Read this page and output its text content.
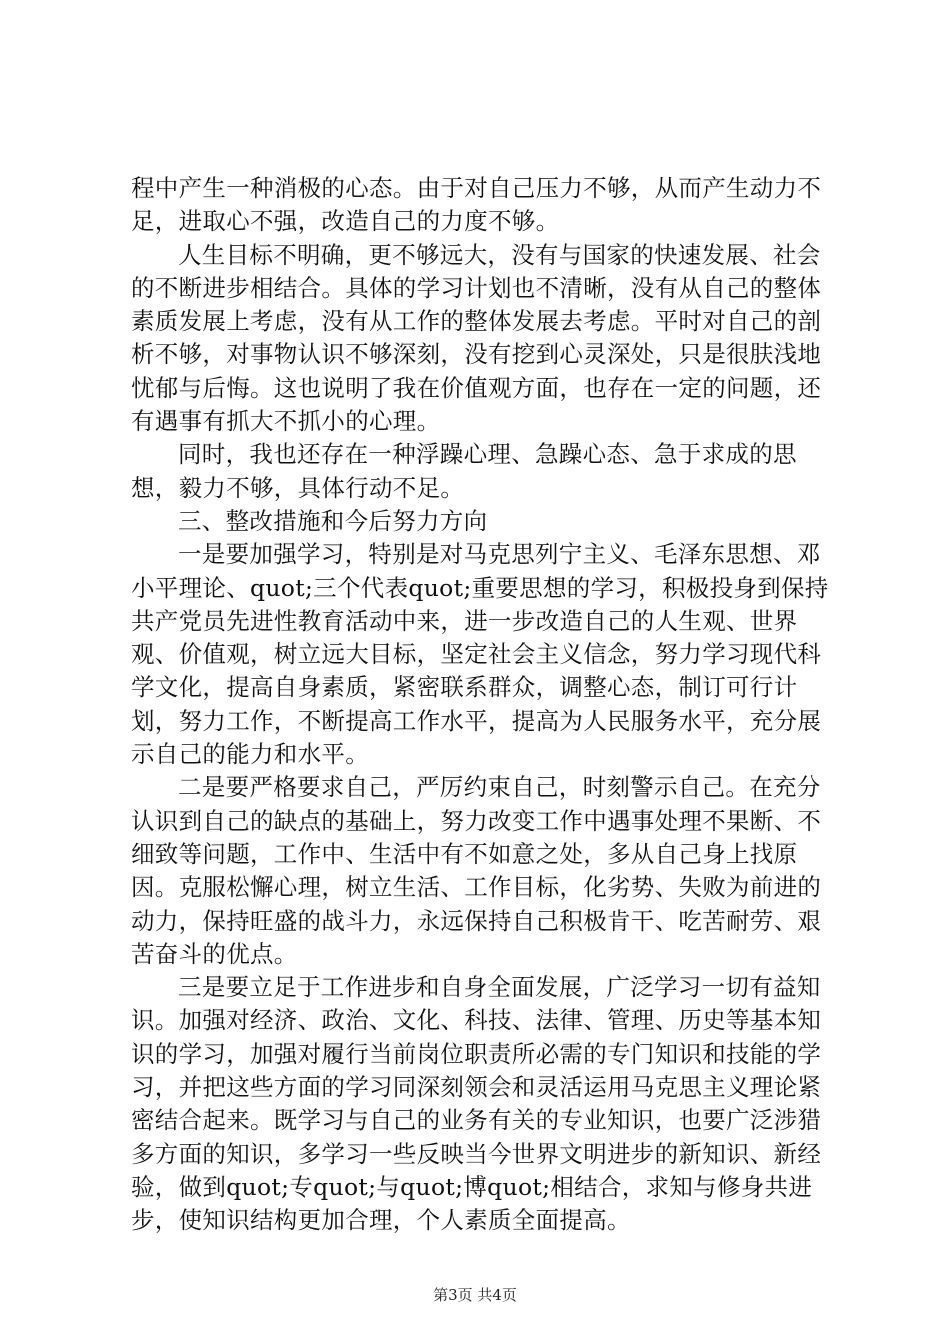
程中产生一种消极的心态。由于对自己压力不够，从而产生动力不足，进取心不强，改造自己的力度不够。

人生目标不明确，更不够远大，没有与国家的快速发展、社会的不断进步相结合。具体的学习计划也不清晰，没有从自己的整体素质发展上考虑，没有从工作的整体发展去考虑。平时对自己的剖析不够，对事物认识不够深刻，没有挖到心灵深处，只是很肤浅地忧郁与后悔。这也说明了我在价值观方面，也存在一定的问题，还有遇事有抓大不抓小的心理。

同时，我也还存在一种浮躁心理、急躁心态、急于求成的思想，毅力不够，具体行动不足。

三、整改措施和今后努力方向

一是要加强学习，特别是对马克思列宁主义、毛泽东思想、邓小平理论、quot;三个代表quot;重要思想的学习，积极投身到保持共产党员先进性教育活动中来，进一步改造自己的人生观、世界观、价值观，树立远大目标，坚定社会主义信念，努力学习现代科学文化，提高自身素质，紧密联系群众，调整心态，制订可行计划，努力工作，不断提高工作水平，提高为人民服务水平，充分展示自己的能力和水平。

二是要严格要求自己，严厉约束自己，时刻警示自己。在充分认识到自己的缺点的基础上，努力改变工作中遇事处理不果断、不细致等问题，工作中、生活中有不如意之处，多从自己身上找原因。克服松懈心理，树立生活、工作目标，化劣势、失败为前进的动力，保持旺盛的战斗力，永远保持自己积极肯干、吃苦耐劳、艰苦奋斗的优点。

三是要立足于工作进步和自身全面发展，广泛学习一切有益知识。加强对经济、政治、文化、科技、法律、管理、历史等基本知识的学习，加强对履行当前岗位职责所必需的专门知识和技能的学习，并把这些方面的学习同深刻领会和灵活运用马克思主义理论紧密结合起来。既学习与自己的业务有关的专业知识，也要广泛涉猎多方面的知识，多学习一些反映当今世界文明进步的新知识、新经验，做到quot;专quot;与quot;博quot;相结合，求知与修身共进步，使知识结构更加合理，个人素质全面提高。

第3页 共4页
